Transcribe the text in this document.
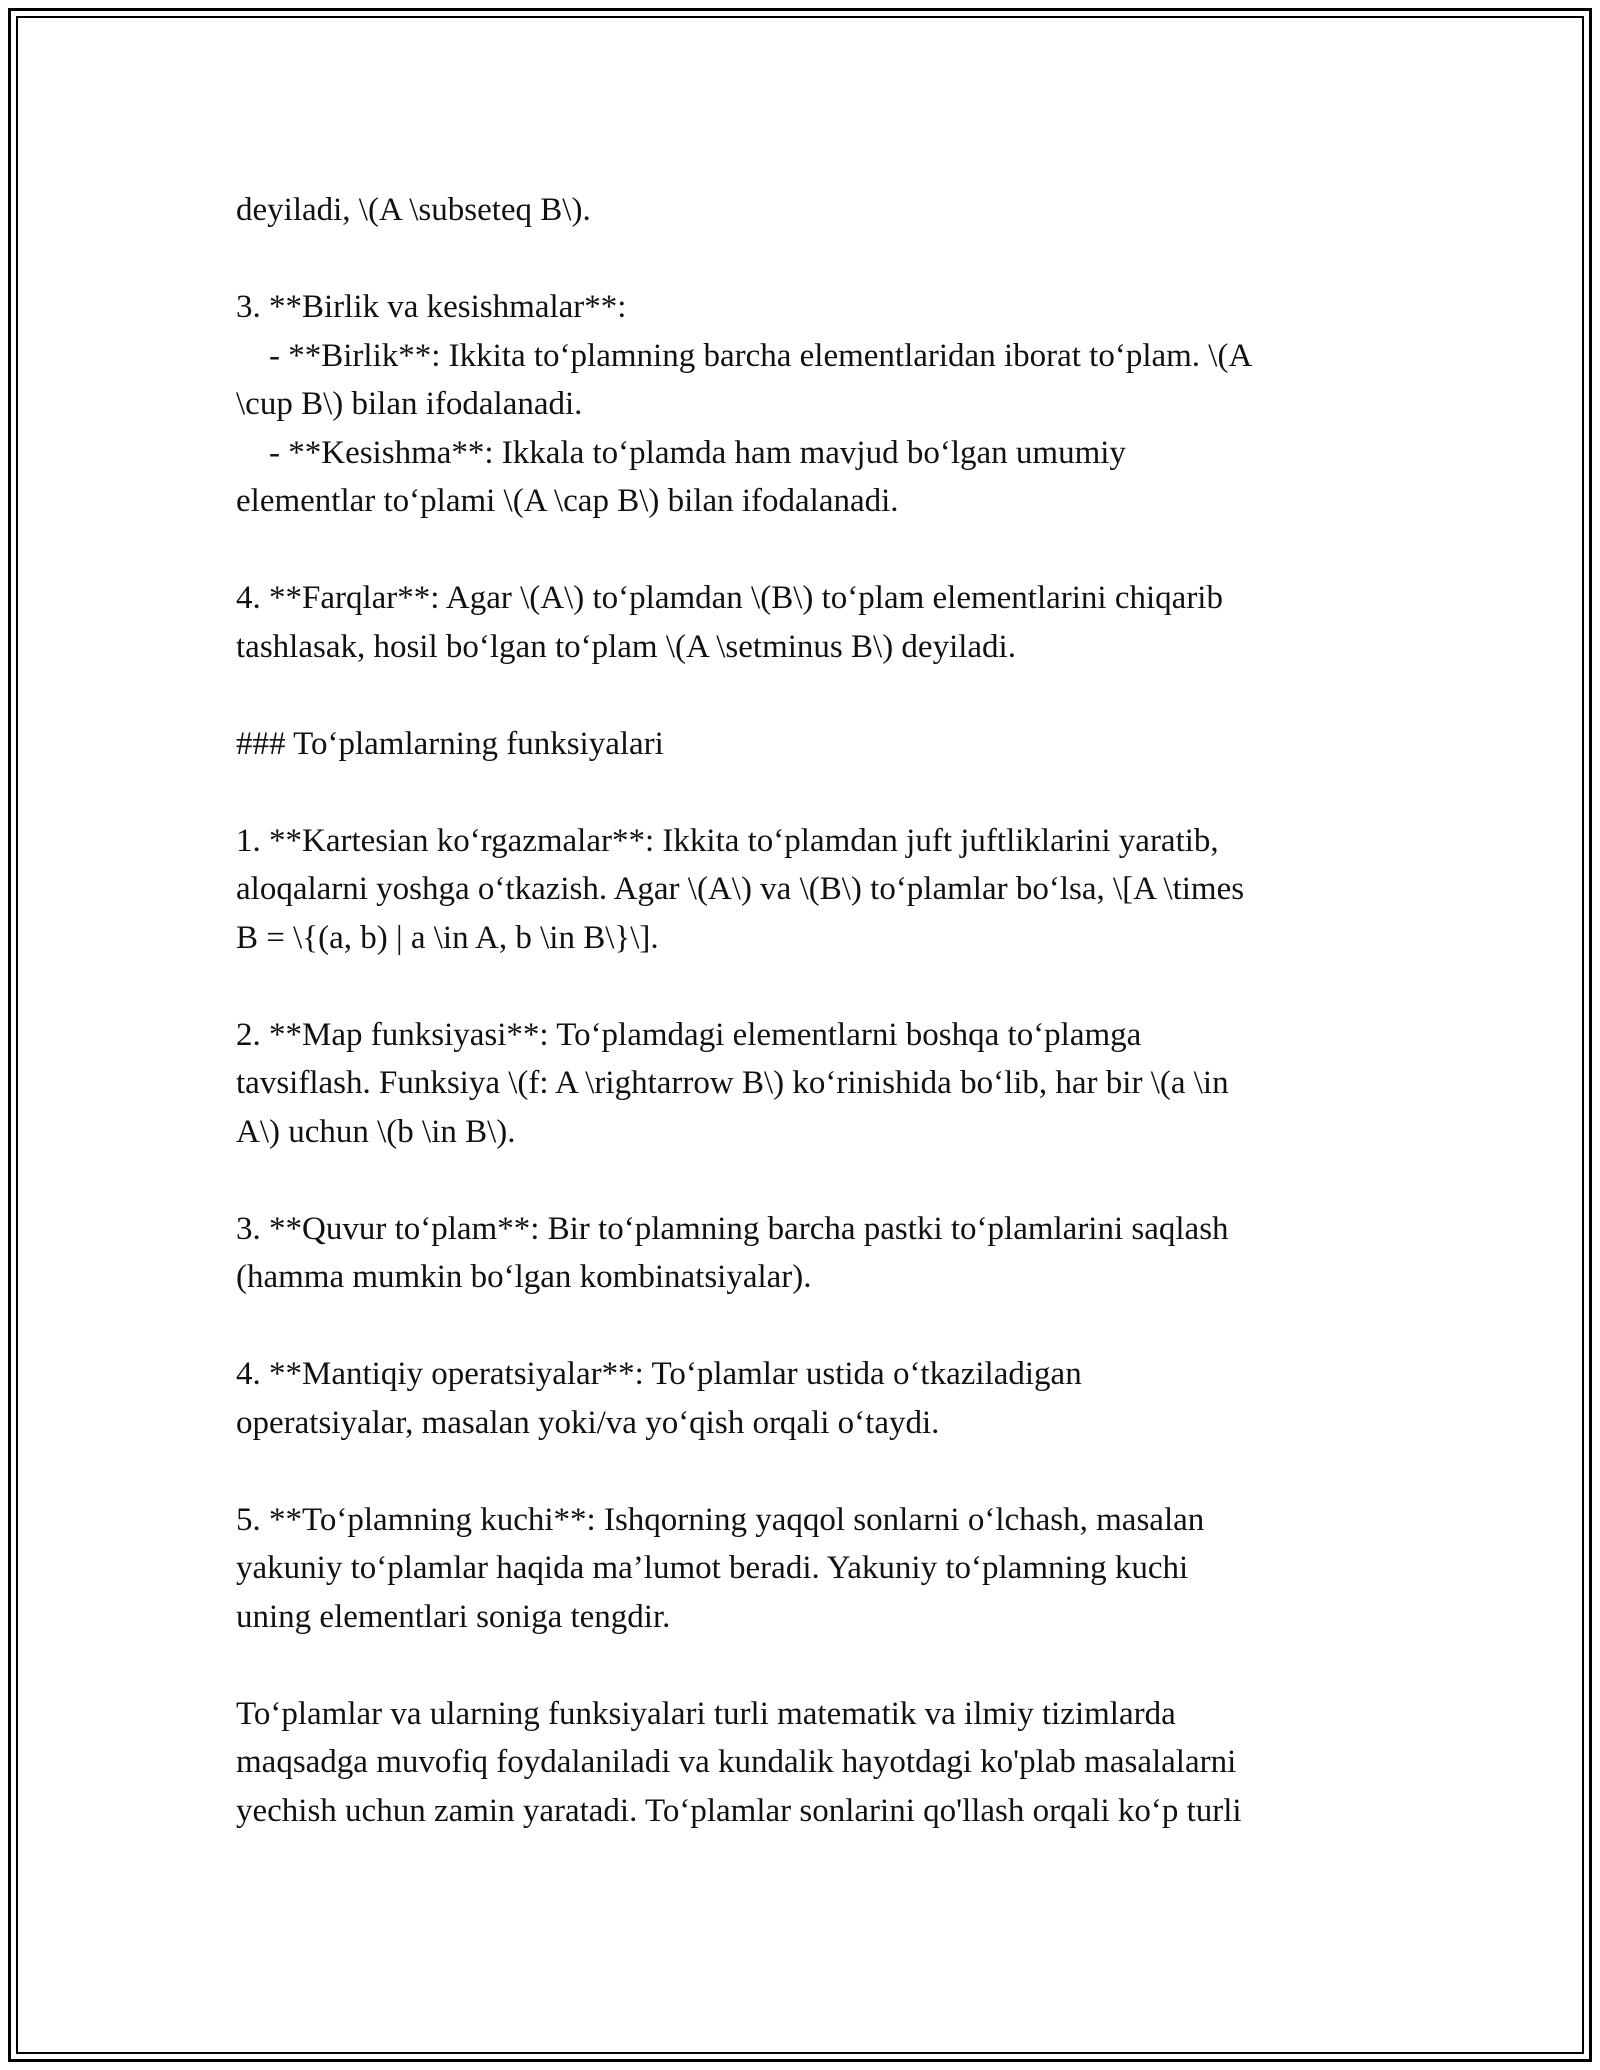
deyiladi, \(A \subseteq B\).
3. **Birlik va kesishmalar**:
- **Birlik**: Ikkita to‘plamning barcha elementlaridan iborat to‘plam. \(A
\cup B\) bilan ifodalanadi.
- **Kesishma**: Ikkala to‘plamda ham mavjud bo‘lgan umumiy
elementlar to‘plami \(A \cap B\) bilan ifodalanadi.
4. **Farqlar**: Agar \(A\) to‘plamdan \(B\) to‘plam elementlarini chiqarib
tashlasak, hosil bo‘lgan to‘plam \(A \setminus B\) deyiladi.
### To‘plamlarning funksiyalari
1. **Kartesian ko‘rgazmalar**: Ikkita to‘plamdan juft juftliklarini yaratib,
aloqalarni yoshga o‘tkazish. Agar \(A\) va \(B\) to‘plamlar bo‘lsa, \[A \times
B = \{(a, b) | a \in A, b \in B\}\].
2. **Map funksiyasi**: To‘plamdagi elementlarni boshqa to‘plamga
tavsiflash. Funksiya \(f: A \rightarrow B\) ko‘rinishida bo‘lib, har bir \(a \in
A\) uchun \(b \in B\).
3. **Quvur to‘plam**: Bir to‘plamning barcha pastki to‘plamlarini saqlash
(hamma mumkin bo‘lgan kombinatsiyalar).
4. **Mantiqiy operatsiyalar**: To‘plamlar ustida o‘tkaziladigan
operatsiyalar, masalan yoki/va yo‘qish orqali o‘taydi.
5. **To‘plamning kuchi**: Ishqorning yaqqol sonlarni o‘lchash, masalan
yakuniy to‘plamlar haqida ma’lumot beradi. Yakuniy to‘plamning kuchi
uning elementlari soniga tengdir.
To‘plamlar va ularning funksiyalari turli matematik va ilmiy tizimlarda
maqsadga muvofiq foydalaniladi va kundalik hayotdagi ko'plab masalalarni
yechish uchun zamin yaratadi. To‘plamlar sonlarini qo'llash orqali ko‘p turli
